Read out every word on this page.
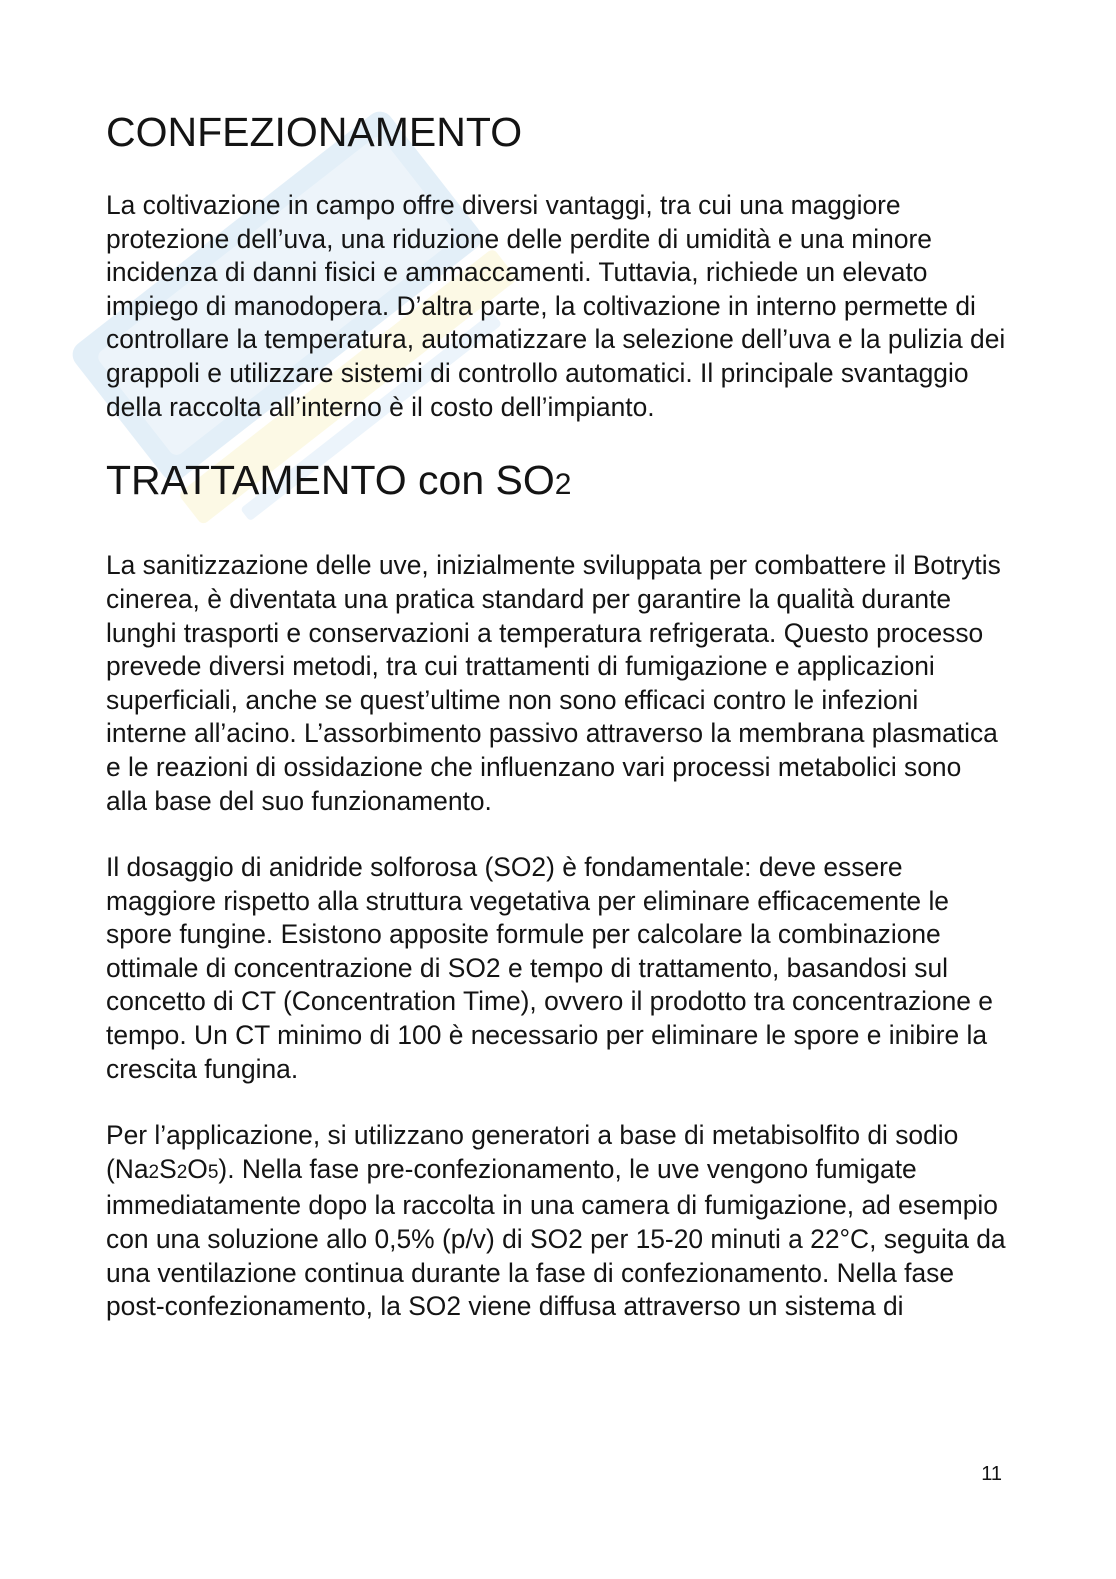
CONFEZIONAMENTO

La coltivazione in campo offre diversi vantaggi, tra cui una maggiore protezione dell’uva, una riduzione delle perdite di umidità e una minore incidenza di danni fisici e ammaccamenti. Tuttavia, richiede un elevato impiego di manodopera. D’altra parte, la coltivazione in interno permette di controllare la temperatura, automatizzare la selezione dell’uva e la pulizia dei grappoli e utilizzare sistemi di controllo automatici. Il principale svantaggio della raccolta all’interno è il costo dell’impianto.

TRATTAMENTO con SO2

La sanitizzazione delle uve, inizialmente sviluppata per combattere il Botrytis cinerea, è diventata una pratica standard per garantire la qualità durante lunghi trasporti e conservazioni a temperatura refrigerata. Questo processo prevede diversi metodi, tra cui trattamenti di fumigazione e applicazioni superficiali, anche se quest’ultime non sono efficaci contro le infezioni interne all’acino. L’assorbimento passivo attraverso la membrana plasmatica e le reazioni di ossidazione che influenzano vari processi metabolici sono alla base del suo funzionamento.

Il dosaggio di anidride solforosa (SO2) è fondamentale: deve essere maggiore rispetto alla struttura vegetativa per eliminare efficacemente le spore fungine. Esistono apposite formule per calcolare la combinazione ottimale di concentrazione di SO2 e tempo di trattamento, basandosi sul concetto di CT (Concentration Time), ovvero il prodotto tra concentrazione e tempo. Un CT minimo di 100 è necessario per eliminare le spore e inibire la crescita fungina.

Per l’applicazione, si utilizzano generatori a base di metabisolfito di sodio (Na2S2O5). Nella fase pre-confezionamento, le uve vengono fumigate immediatamente dopo la raccolta in una camera di fumigazione, ad esempio con una soluzione allo 0,5% (p/v) di SO2 per 15-20 minuti a 22°C, seguita da una ventilazione continua durante la fase di confezionamento. Nella fase post-confezionamento, la SO2 viene diffusa attraverso un sistema di

11
